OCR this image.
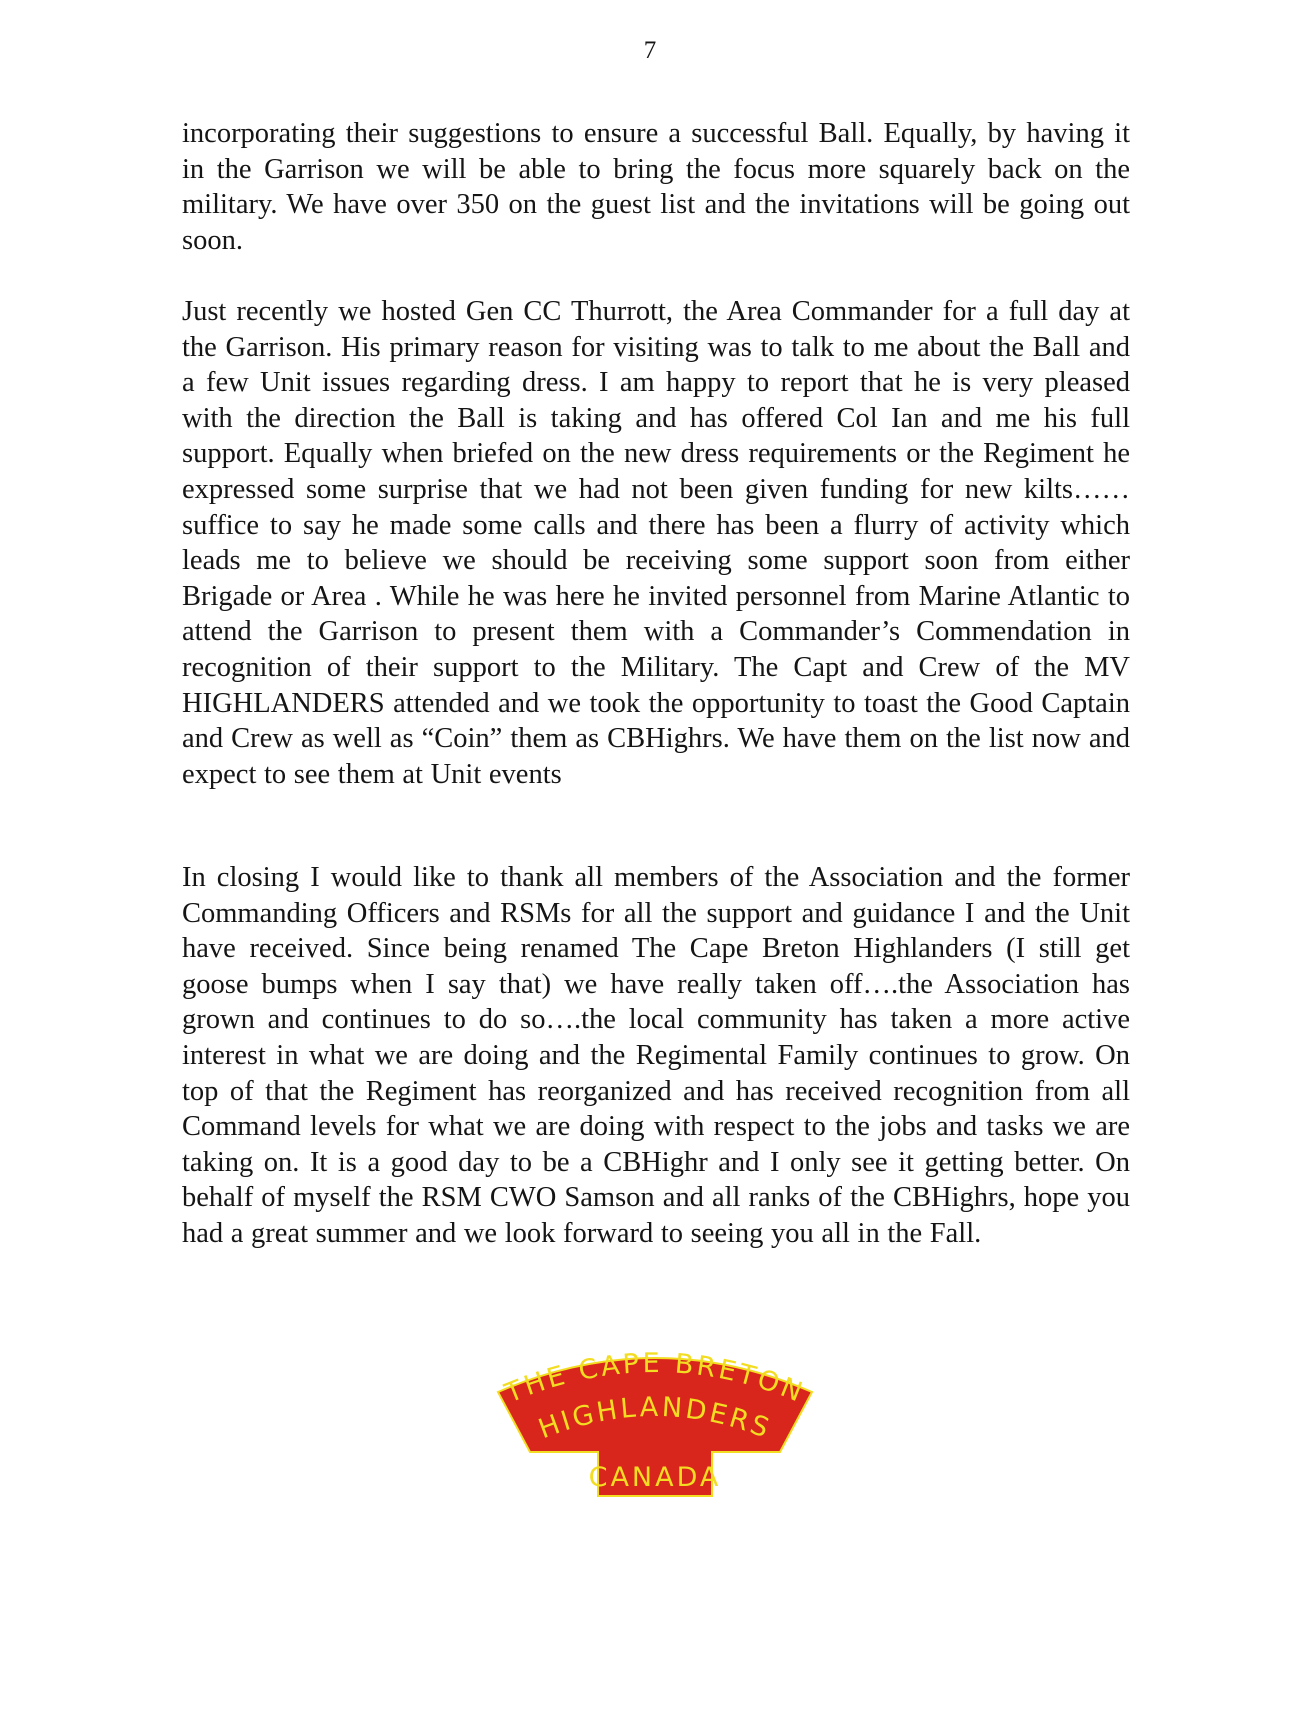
7

incorporating their suggestions to ensure a successful Ball. Equally, by having it in the Garrison we will be able to bring the focus more squarely back on the military. We have over 350 on the guest list and the invitations will be going out soon.

Just recently we hosted Gen CC Thurrott, the Area Commander for a full day at the Garrison. His primary reason for visiting was to talk to me about the Ball and a few Unit issues regarding dress. I am happy to report that he is very pleased with the direction the Ball is taking and has offered Col Ian and me his full support. Equally when briefed on the new dress requirements or the Regiment he expressed some surprise that we had not been given funding for new kilts……suffice to say he made some calls and there has been a flurry of activity which leads me to believe we should be receiving some support soon from either Brigade or Area . While he was here he invited personnel from Marine Atlantic to attend the Garrison to present them with a Commander’s Commendation in recognition of their support to the Military. The Capt and Crew of the MV HIGHLANDERS attended and we took the opportunity to toast the Good Captain and Crew as well as “Coin” them as CBHighrs. We have them on the list now and expect to see them at Unit events

In closing I would like to thank all members of the Association and the former Commanding Officers and RSMs for all the support and guidance I and the Unit have received. Since being renamed The Cape Breton Highlanders (I still get goose bumps when I say that) we have really taken off….the Association has grown and continues to do so….the local community has taken a more active interest in what we are doing and the Regimental Family continues to grow. On top of that the Regiment has reorganized and has received recognition from all Command levels for what we are doing with respect to the jobs and tasks we are taking on. It is a good day to be a CBHighr and I only see it getting better. On behalf of myself the RSM CWO Samson and all ranks of the CBHighrs, hope you had a great summer and we look forward to seeing you all in the Fall.

THE CAPE BRETON
HIGHLANDERS
CANADA
